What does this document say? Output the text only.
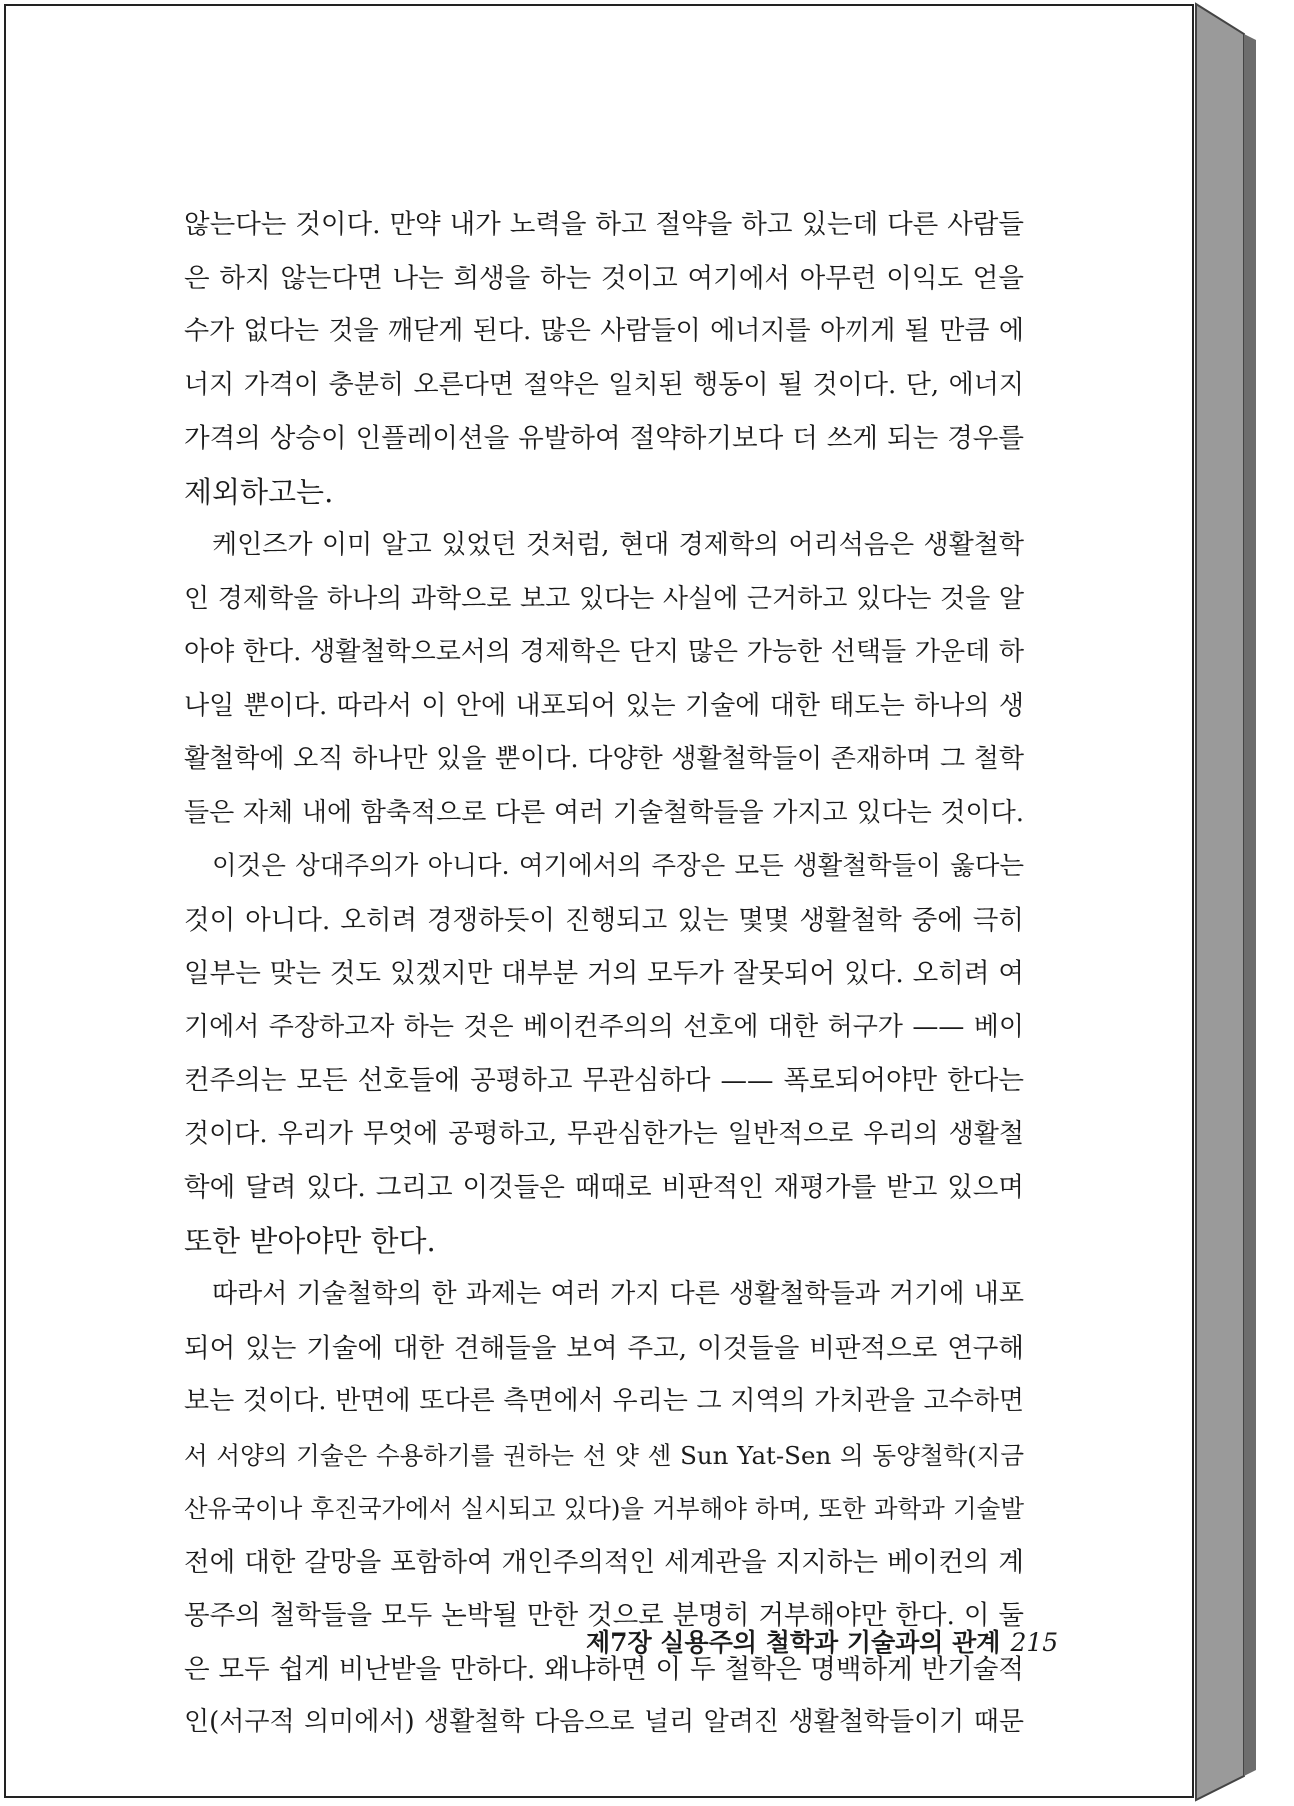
않는다는 것이다. 만약 내가 노력을 하고 절약을 하고 있는데 다른 사람들
은 하지 않는다면 나는 희생을 하는 것이고 여기에서 아무런 이익도 얻을
수가 없다는 것을 깨닫게 된다. 많은 사람들이 에너지를 아끼게 될 만큼 에
너지 가격이 충분히 오른다면 절약은 일치된 행동이 될 것이다. 단, 에너지
가격의 상승이 인플레이션을 유발하여 절약하기보다 더 쓰게 되는 경우를
제외하고는.
케인즈가 이미 알고 있었던 것처럼, 현대 경제학의 어리석음은 생활철학
인 경제학을 하나의 과학으로 보고 있다는 사실에 근거하고 있다는 것을 알
아야 한다. 생활철학으로서의 경제학은 단지 많은 가능한 선택들 가운데 하
나일 뿐이다. 따라서 이 안에 내포되어 있는 기술에 대한 태도는 하나의 생
활철학에 오직 하나만 있을 뿐이다. 다양한 생활철학들이 존재하며 그 철학
들은 자체 내에 함축적으로 다른 여러 기술철학들을 가지고 있다는 것이다.
이것은 상대주의가 아니다. 여기에서의 주장은 모든 생활철학들이 옳다는
것이 아니다. 오히려 경쟁하듯이 진행되고 있는 몇몇 생활철학 중에 극히
일부는 맞는 것도 있겠지만 대부분 거의 모두가 잘못되어 있다. 오히려 여
기에서 주장하고자 하는 것은 베이컨주의의 선호에 대한 허구가 —— 베이
컨주의는 모든 선호들에 공평하고 무관심하다 —— 폭로되어야만 한다는
것이다. 우리가 무엇에 공평하고, 무관심한가는 일반적으로 우리의 생활철
학에 달려 있다. 그리고 이것들은 때때로 비판적인 재평가를 받고 있으며
또한 받아야만 한다.
따라서 기술철학의 한 과제는 여러 가지 다른 생활철학들과 거기에 내포
되어 있는 기술에 대한 견해들을 보여 주고, 이것들을 비판적으로 연구해
보는 것이다. 반면에 또다른 측면에서 우리는 그 지역의 가치관을 고수하면
서 서양의 기술은 수용하기를 권하는 선 얏 센 Sun Yat-Sen 의 동양철학(지금
산유국이나 후진국가에서 실시되고 있다)을 거부해야 하며, 또한 과학과 기술발
전에 대한 갈망을 포함하여 개인주의적인 세계관을 지지하는 베이컨의 계
몽주의 철학들을 모두 논박될 만한 것으로 분명히 거부해야만 한다. 이 둘
은 모두 쉽게 비난받을 만하다. 왜냐하면 이 두 철학은 명백하게 반기술적
인(서구적 의미에서) 생활철학 다음으로 널리 알려진 생활철학들이기 때문
제7장 실용주의 철학과 기술과의 관계 215
